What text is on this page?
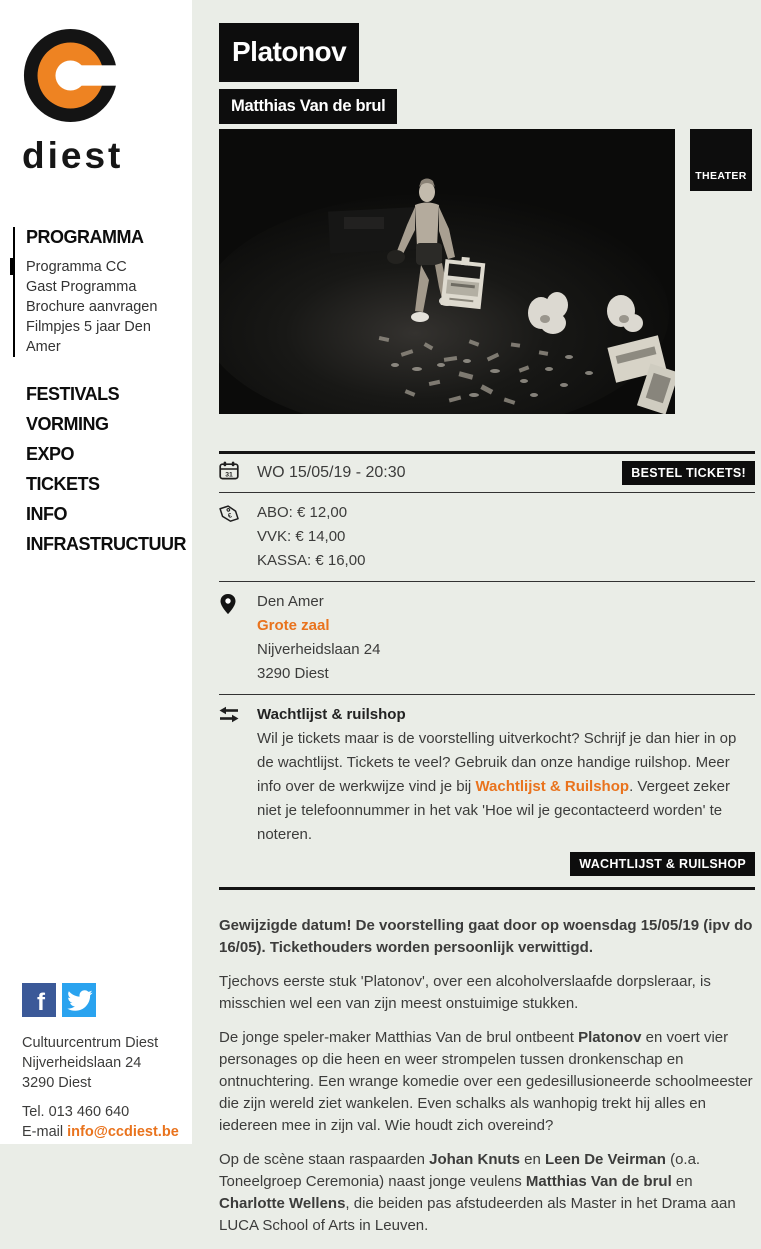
diest
PROGRAMMA
Programma CC
Gast Programma
Brochure aanvragen
Filmpjes 5 jaar Den Amer
FESTIVALS
VORMING
EXPO
TICKETS
INFO
INFRASTRUCTUUR
f
Cultuurcentrum Diest
Nijverheidslaan 24
3290 Diest
Tel. 013 460 640
E-mail info@ccdiest.be
Platonov
Matthias Van de brul
THEATER
31 WO 15/05/19 - 20:30	BESTEL TICKETS!
€ ABO: € 12,00
VVK: € 14,00
KASSA: € 16,00
Den Amer
Grote zaal
Nijverheidslaan 24
3290 Diest
Wachtlijst & ruilshop
Wil je tickets maar is de voorstelling uitverkocht? Schrijf je dan hier in op de wachtlijst. Tickets te veel? Gebruik dan onze handige ruilshop. Meer info over de werkwijze vind je bij Wachtlijst & Ruilshop. Vergeet zeker niet je telefoonnummer in het vak 'Hoe wil je gecontacteerd worden' te noteren.
WACHTLIJST & RUILSHOP

Gewijzigde datum! De voorstelling gaat door op woensdag 15/05/19 (ipv do 16/05). Tickethouders worden persoonlijk verwittigd.

Tjechovs eerste stuk 'Platonov', over een alcoholverslaafde dorpsleraar, is misschien wel een van zijn meest onstuimige stukken.

De jonge speler-maker Matthias Van de brul ontbeent Platonov en voert vier personages op die heen en weer strompelen tussen dronkenschap en ontnuchtering. Een wrange komedie over een gedesillusioneerde schoolmeester die zijn wereld ziet wankelen. Even schalks als wanhopig trekt hij alles en iedereen mee in zijn val. Wie houdt zich overeind?

Op de scène staan raspaarden Johan Knuts en Leen De Veirman (o.a. Toneelgroep Ceremonia) naast jonge veulens Matthias Van de brul en Charlotte Wellens, die beiden pas afstudeerden als Master in het Drama aan LUCA School of Arts in Leuven.
